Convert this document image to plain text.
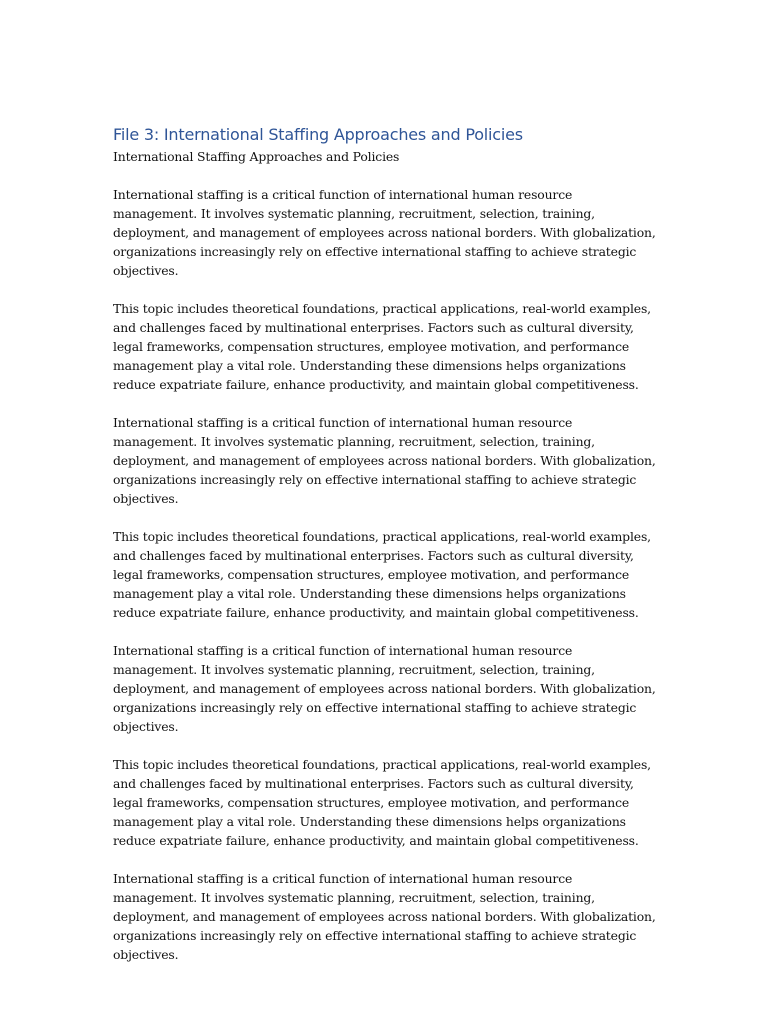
File 3: International Staffing Approaches and Policies

International Staffing Approaches and Policies

International staffing is a critical function of international human resource management. It involves systematic planning, recruitment, selection, training, deployment, and management of employees across national borders. With globalization, organizations increasingly rely on effective international staffing to achieve strategic objectives.

This topic includes theoretical foundations, practical applications, real-world examples, and challenges faced by multinational enterprises. Factors such as cultural diversity, legal frameworks, compensation structures, employee motivation, and performance management play a vital role. Understanding these dimensions helps organizations reduce expatriate failure, enhance productivity, and maintain global competitiveness.

International staffing is a critical function of international human resource management. It involves systematic planning, recruitment, selection, training, deployment, and management of employees across national borders. With globalization, organizations increasingly rely on effective international staffing to achieve strategic objectives.

This topic includes theoretical foundations, practical applications, real-world examples, and challenges faced by multinational enterprises. Factors such as cultural diversity, legal frameworks, compensation structures, employee motivation, and performance management play a vital role. Understanding these dimensions helps organizations reduce expatriate failure, enhance productivity, and maintain global competitiveness.

International staffing is a critical function of international human resource management. It involves systematic planning, recruitment, selection, training, deployment, and management of employees across national borders. With globalization, organizations increasingly rely on effective international staffing to achieve strategic objectives.

This topic includes theoretical foundations, practical applications, real-world examples, and challenges faced by multinational enterprises. Factors such as cultural diversity, legal frameworks, compensation structures, employee motivation, and performance management play a vital role. Understanding these dimensions helps organizations reduce expatriate failure, enhance productivity, and maintain global competitiveness.

International staffing is a critical function of international human resource management. It involves systematic planning, recruitment, selection, training, deployment, and management of employees across national borders. With globalization, organizations increasingly rely on effective international staffing to achieve strategic objectives.
